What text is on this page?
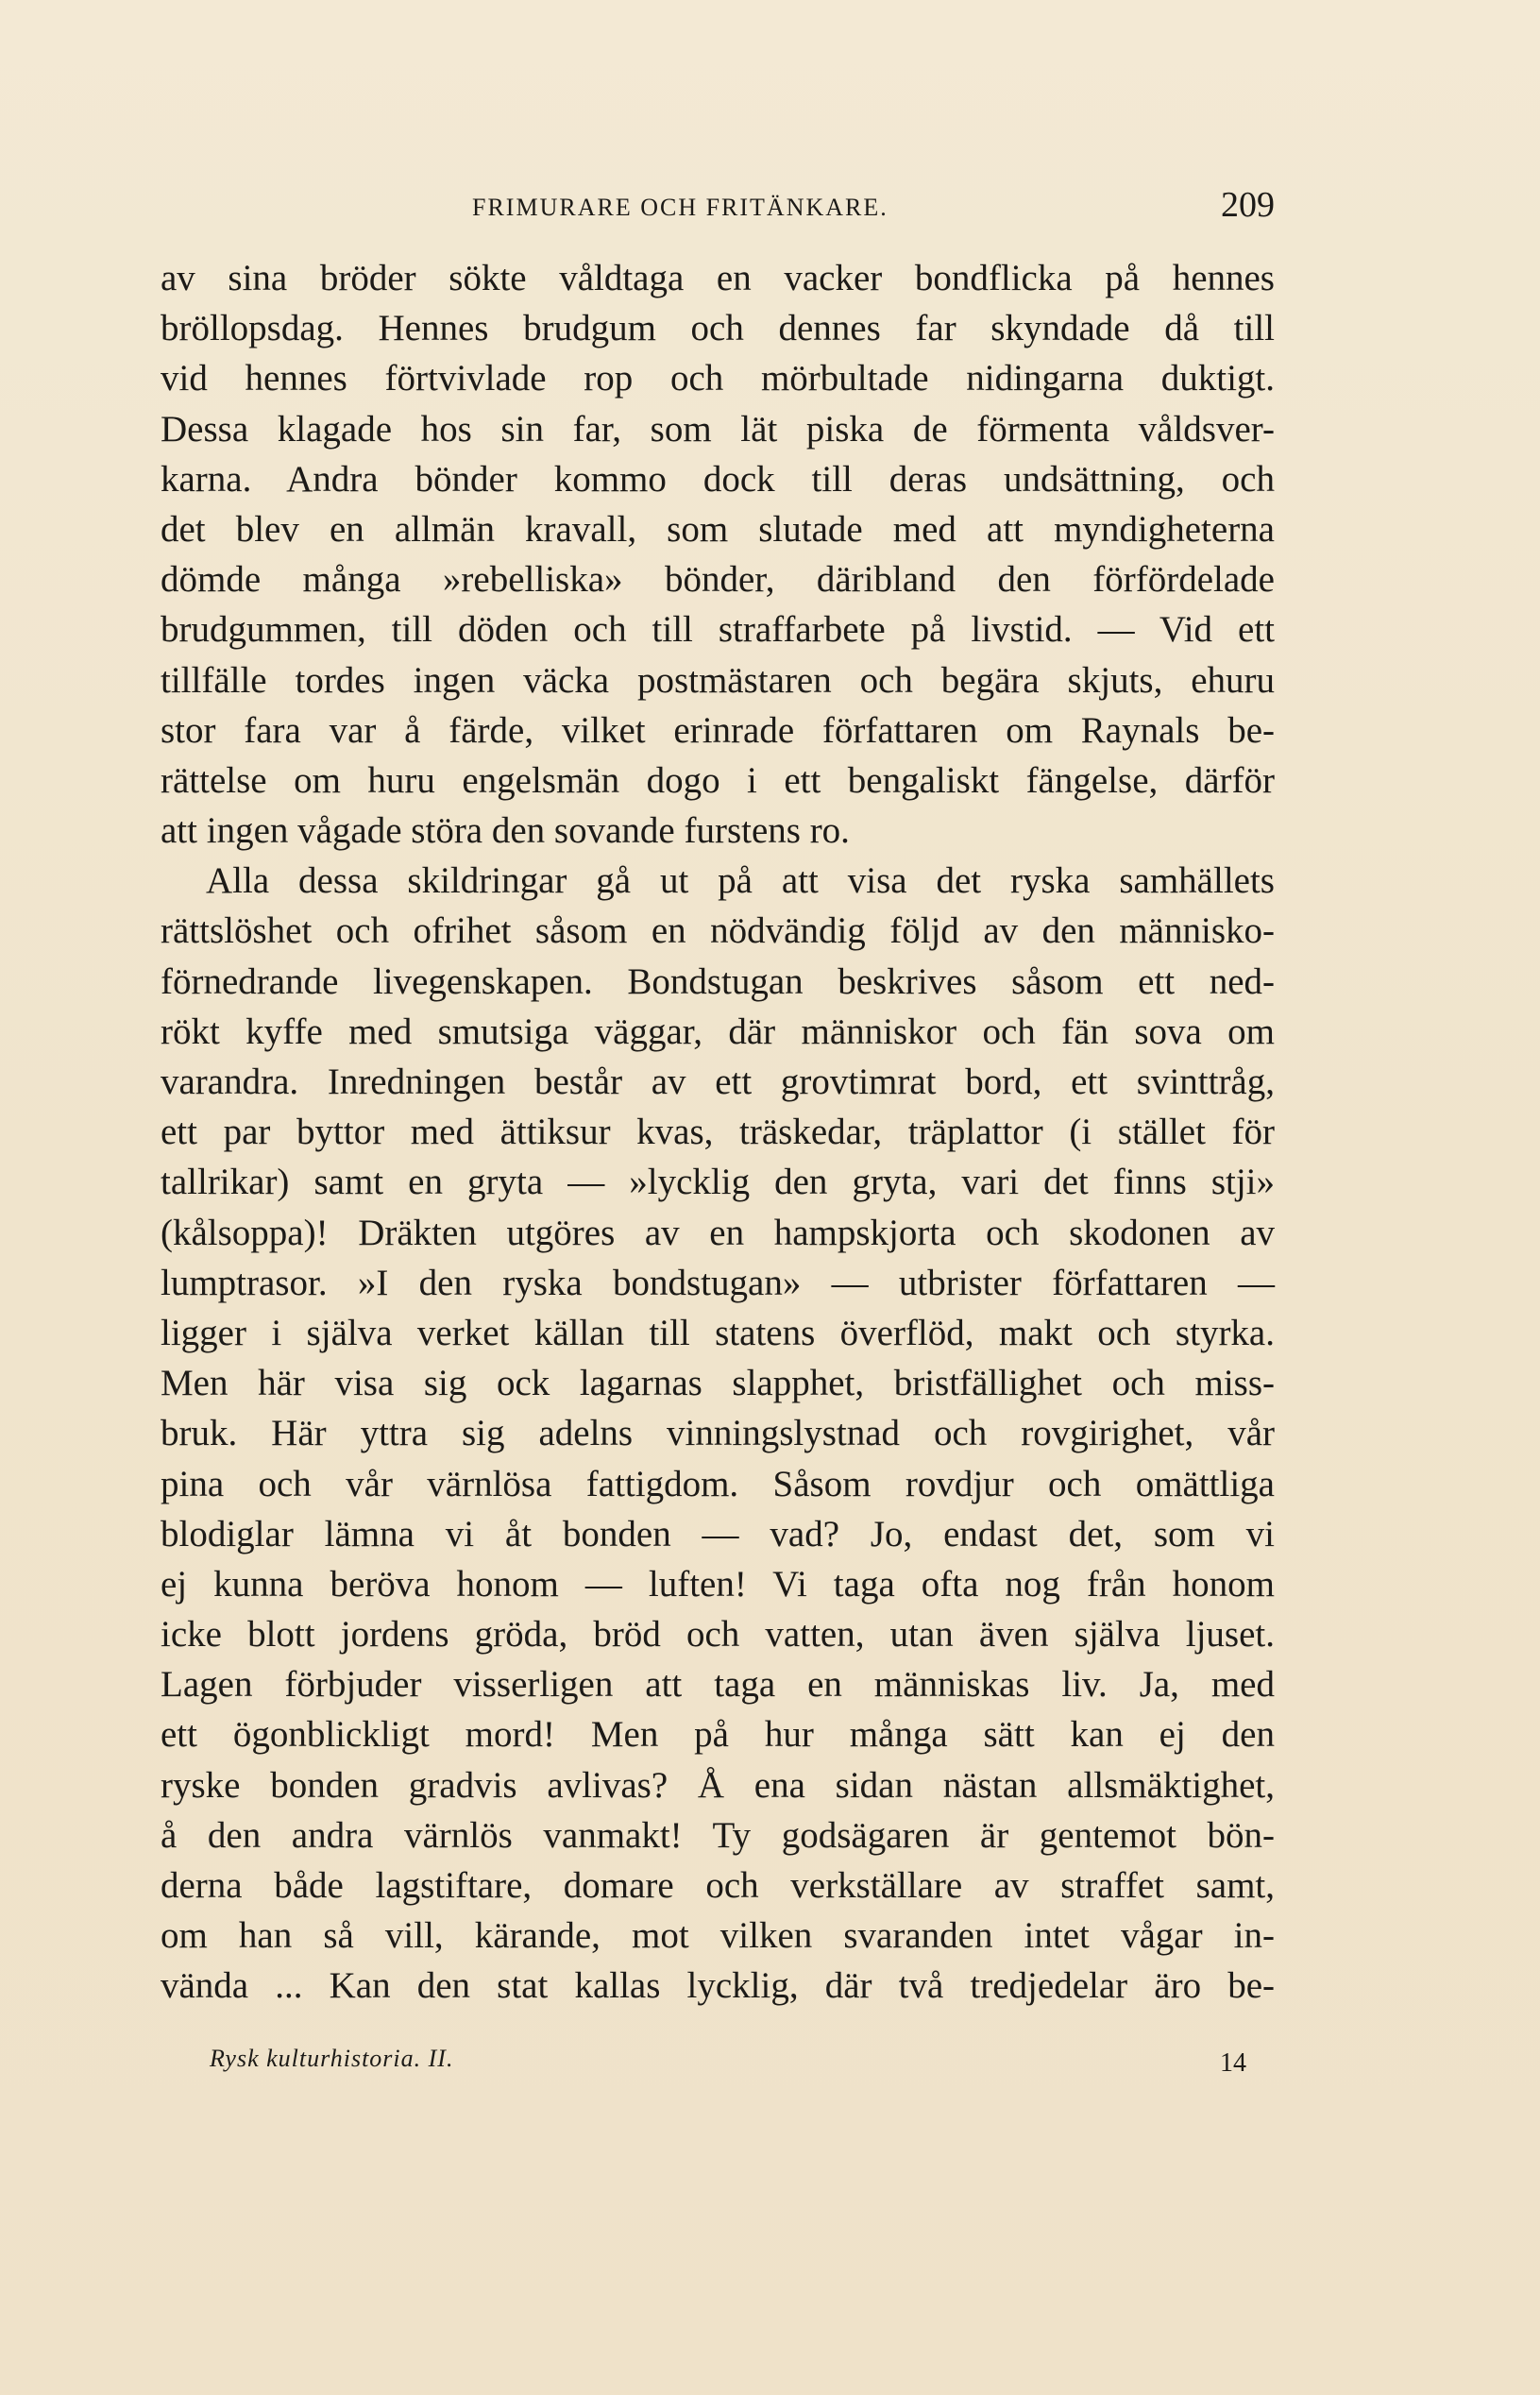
FRIMURARE OCH FRITÄNKARE.	209
av sina bröder sökte våldtaga en vacker bondflicka på hennes
bröllopsdag. Hennes brudgum och dennes far skyndade då till
vid hennes förtvivlade rop och mörbultade nidingarna duktigt.
Dessa klagade hos sin far, som lät piska de förmenta våldsver-
karna. Andra bönder kommo dock till deras undsättning, och
det blev en allmän kravall, som slutade med att myndigheterna
dömde många »rebelliska» bönder, däribland den förfördelade
brudgummen, till döden och till straffarbete på livstid. — Vid ett
tillfälle tordes ingen väcka postmästaren och begära skjuts, ehuru
stor fara var å färde, vilket erinrade författaren om Raynals be-
rättelse om huru engelsmän dogo i ett bengaliskt fängelse, därför
att ingen vågade störa den sovande furstens ro.
Alla dessa skildringar gå ut på att visa det ryska samhällets
rättslöshet och ofrihet såsom en nödvändig följd av den människo-
förnedrande livegenskapen. Bondstugan beskrives såsom ett ned-
rökt kyffe med smutsiga väggar, där människor och fän sova om
varandra. Inredningen består av ett grovtimrat bord, ett svinttråg,
ett par byttor med ättiksur kvas, träskedar, träplattor (i stället för
tallrikar) samt en gryta — »lycklig den gryta, vari det finns stji»
(kålsoppa)! Dräkten utgöres av en hampskjorta och skodonen av
lumptrasor. »I den ryska bondstugan» — utbrister författaren —
ligger i själva verket källan till statens överflöd, makt och styrka.
Men här visa sig ock lagarnas slapphet, bristfällighet och miss-
bruk. Här yttra sig adelns vinningslystnad och rovgirighet, vår
pina och vår värnlösa fattigdom. Såsom rovdjur och omättliga
blodiglar lämna vi åt bonden — vad? Jo, endast det, som vi
ej kunna beröva honom — luften! Vi taga ofta nog från honom
icke blott jordens gröda, bröd och vatten, utan även själva ljuset.
Lagen förbjuder visserligen att taga en människas liv. Ja, med
ett ögonblickligt mord! Men på hur många sätt kan ej den
ryske bonden gradvis avlivas? Å ena sidan nästan allsmäktighet,
å den andra värnlös vanmakt! Ty godsägaren är gentemot bön-
derna både lagstiftare, domare och verkställare av straffet samt,
om han så vill, kärande, mot vilken svaranden intet vågar in-
vända ... Kan den stat kallas lycklig, där två tredjedelar äro be-
Rysk kulturhistoria. II.	14
